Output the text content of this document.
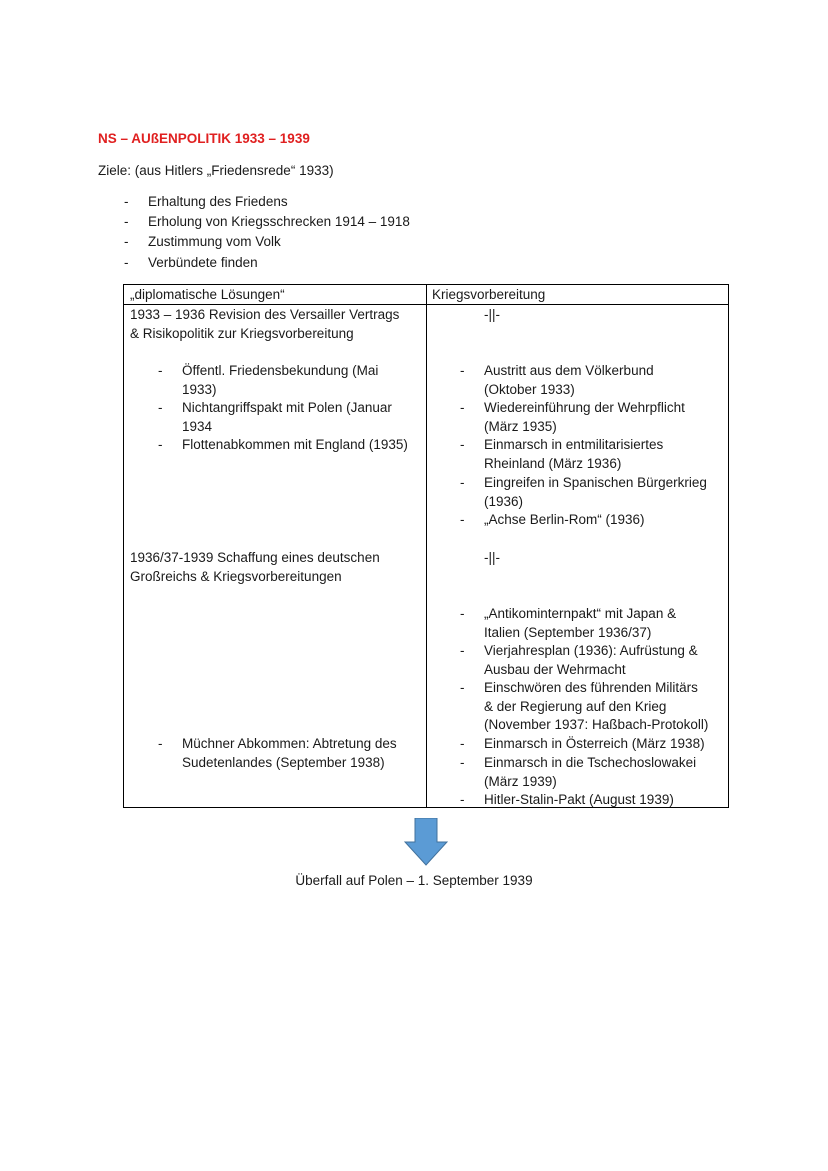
NS – AUßENPOLITIK 1933 – 1939
Ziele: (aus Hitlers „Friedensrede“ 1933)
- Erhaltung des Friedens
- Erholung von Kriegsschrecken 1914 – 1918
- Zustimmung vom Volk
- Verbündete finden
„diplomatische Lösungen“	Kriegsvorbereitung
1933 – 1936 Revision des Versailler Vertrags
& Risikopolitik zur Kriegsvorbereitung
-||-
- Öffentl. Friedensbekundung (Mai
1933)
- Nichtangriffspakt mit Polen (Januar
1934
- Flottenabkommen mit England (1935)
- Austritt aus dem Völkerbund
(Oktober 1933)
- Wiedereinführung der Wehrpflicht
(März 1935)
- Einmarsch in entmilitarisiertes
Rheinland (März 1936)
- Eingreifen in Spanischen Bürgerkrieg
(1936)
- „Achse Berlin-Rom“ (1936)
1936/37-1939 Schaffung eines deutschen
Großreichs & Kriegsvorbereitungen
-||-
- „Antikominternpakt“ mit Japan &
Italien (September 1936/37)
- Vierjahresplan (1936): Aufrüstung &
Ausbau der Wehrmacht
- Einschwören des führenden Militärs
& der Regierung auf den Krieg
(November 1937: Haßbach-Protokoll)
- Einmarsch in Österreich (März 1938)
- Einmarsch in die Tschechoslowakei
(März 1939)
- Hitler-Stalin-Pakt (August 1939)
- Müchner Abkommen: Abtretung des
Sudetenlandes (September 1938)
Überfall auf Polen – 1. September 1939
